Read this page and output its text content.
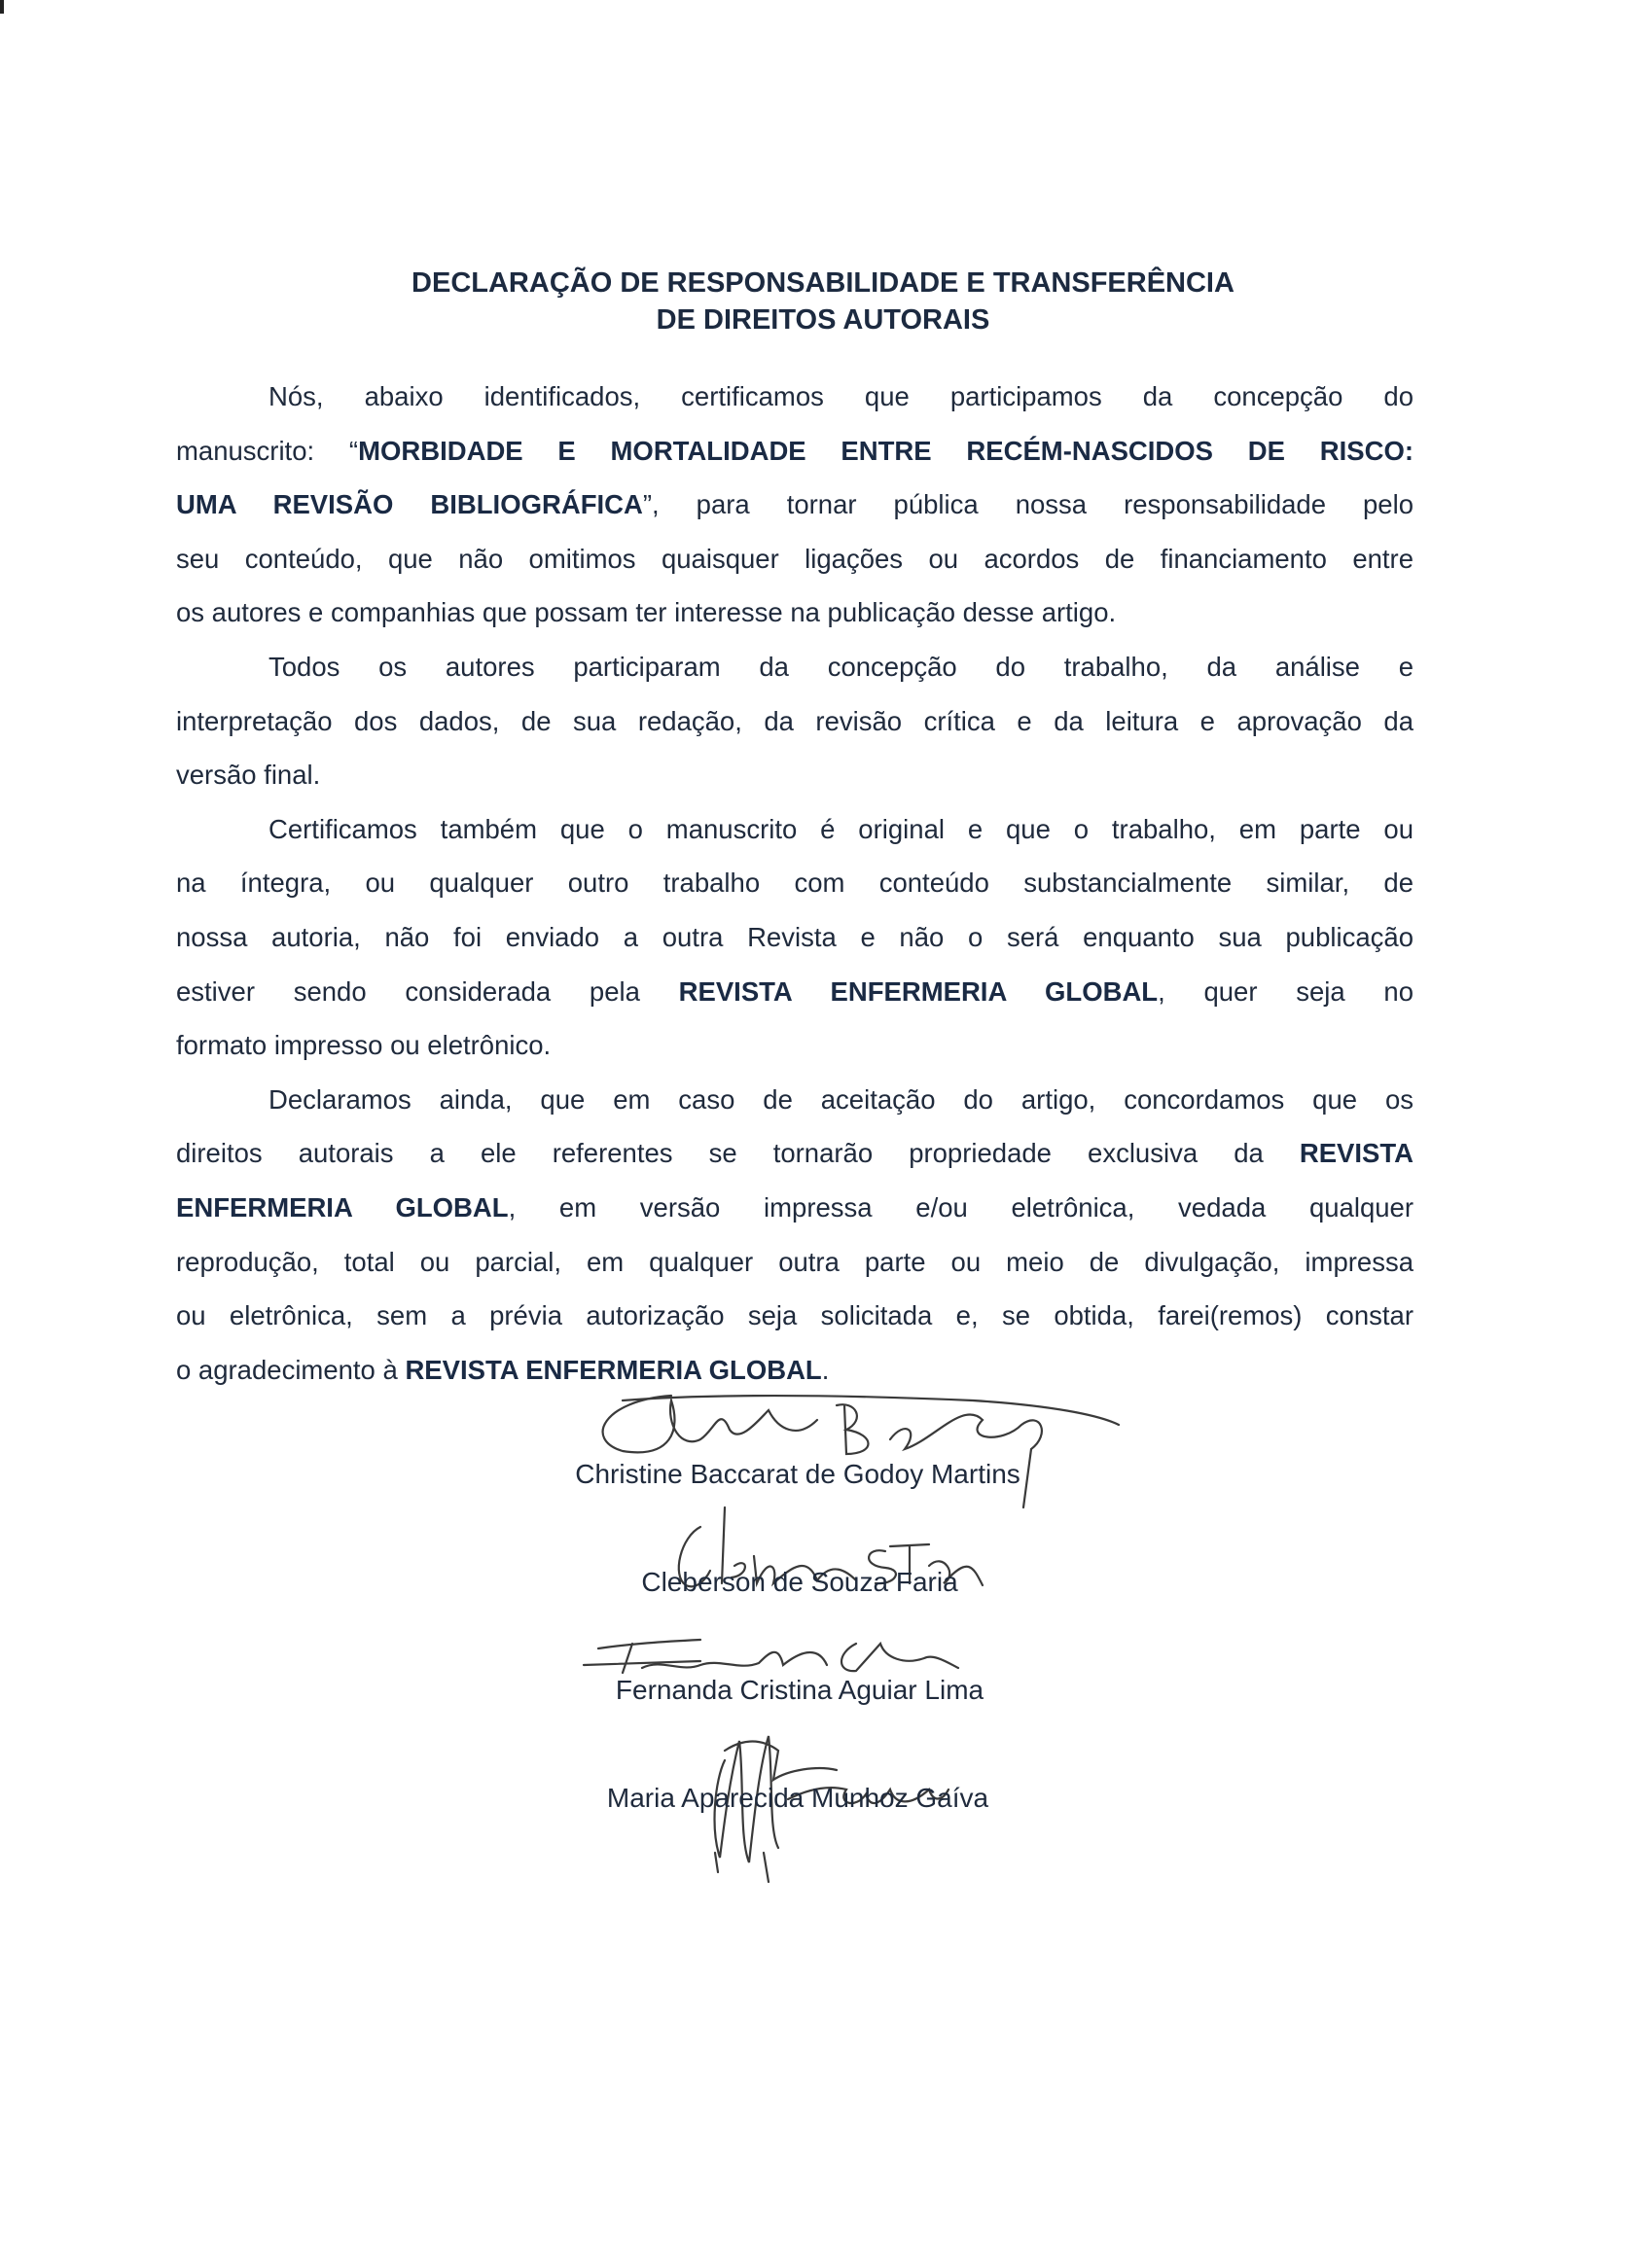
DECLARAÇÃO DE RESPONSABILIDADE E TRANSFERÊNCIA
DE DIREITOS AUTORAIS
Nós, abaixo identificados, certificamos que participamos da concepção do
manuscrito: “MORBIDADE E MORTALIDADE ENTRE RECÉM-NASCIDOS DE RISCO:
UMA REVISÃO BIBLIOGRÁFICA”, para tornar pública nossa responsabilidade pelo
seu conteúdo, que não omitimos quaisquer ligações ou acordos de financiamento entre
os autores e companhias que possam ter interesse na publicação desse artigo.
Todos os autores participaram da concepção do trabalho, da análise e
interpretação dos dados, de sua redação, da revisão crítica e da leitura e aprovação da
versão final.
Certificamos também que o manuscrito é original e que o trabalho, em parte ou
na íntegra, ou qualquer outro trabalho com conteúdo substancialmente similar, de
nossa autoria, não foi enviado a outra Revista e não o será enquanto sua publicação
estiver sendo considerada pela REVISTA ENFERMERIA GLOBAL, quer seja no
formato impresso ou eletrônico.
Declaramos ainda, que em caso de aceitação do artigo, concordamos que os
direitos autorais a ele referentes se tornarão propriedade exclusiva da REVISTA
ENFERMERIA GLOBAL, em versão impressa e/ou eletrônica, vedada qualquer
reprodução, total ou parcial, em qualquer outra parte ou meio de divulgação, impressa
ou eletrônica, sem a prévia autorização seja solicitada e, se obtida, farei(remos) constar
o agradecimento à REVISTA ENFERMERIA GLOBAL.
Christine Baccarat de Godoy Martins
Cleberson de Souza Faria
Fernanda Cristina Aguiar Lima
Maria Aparecida Munhoz Gaíva
